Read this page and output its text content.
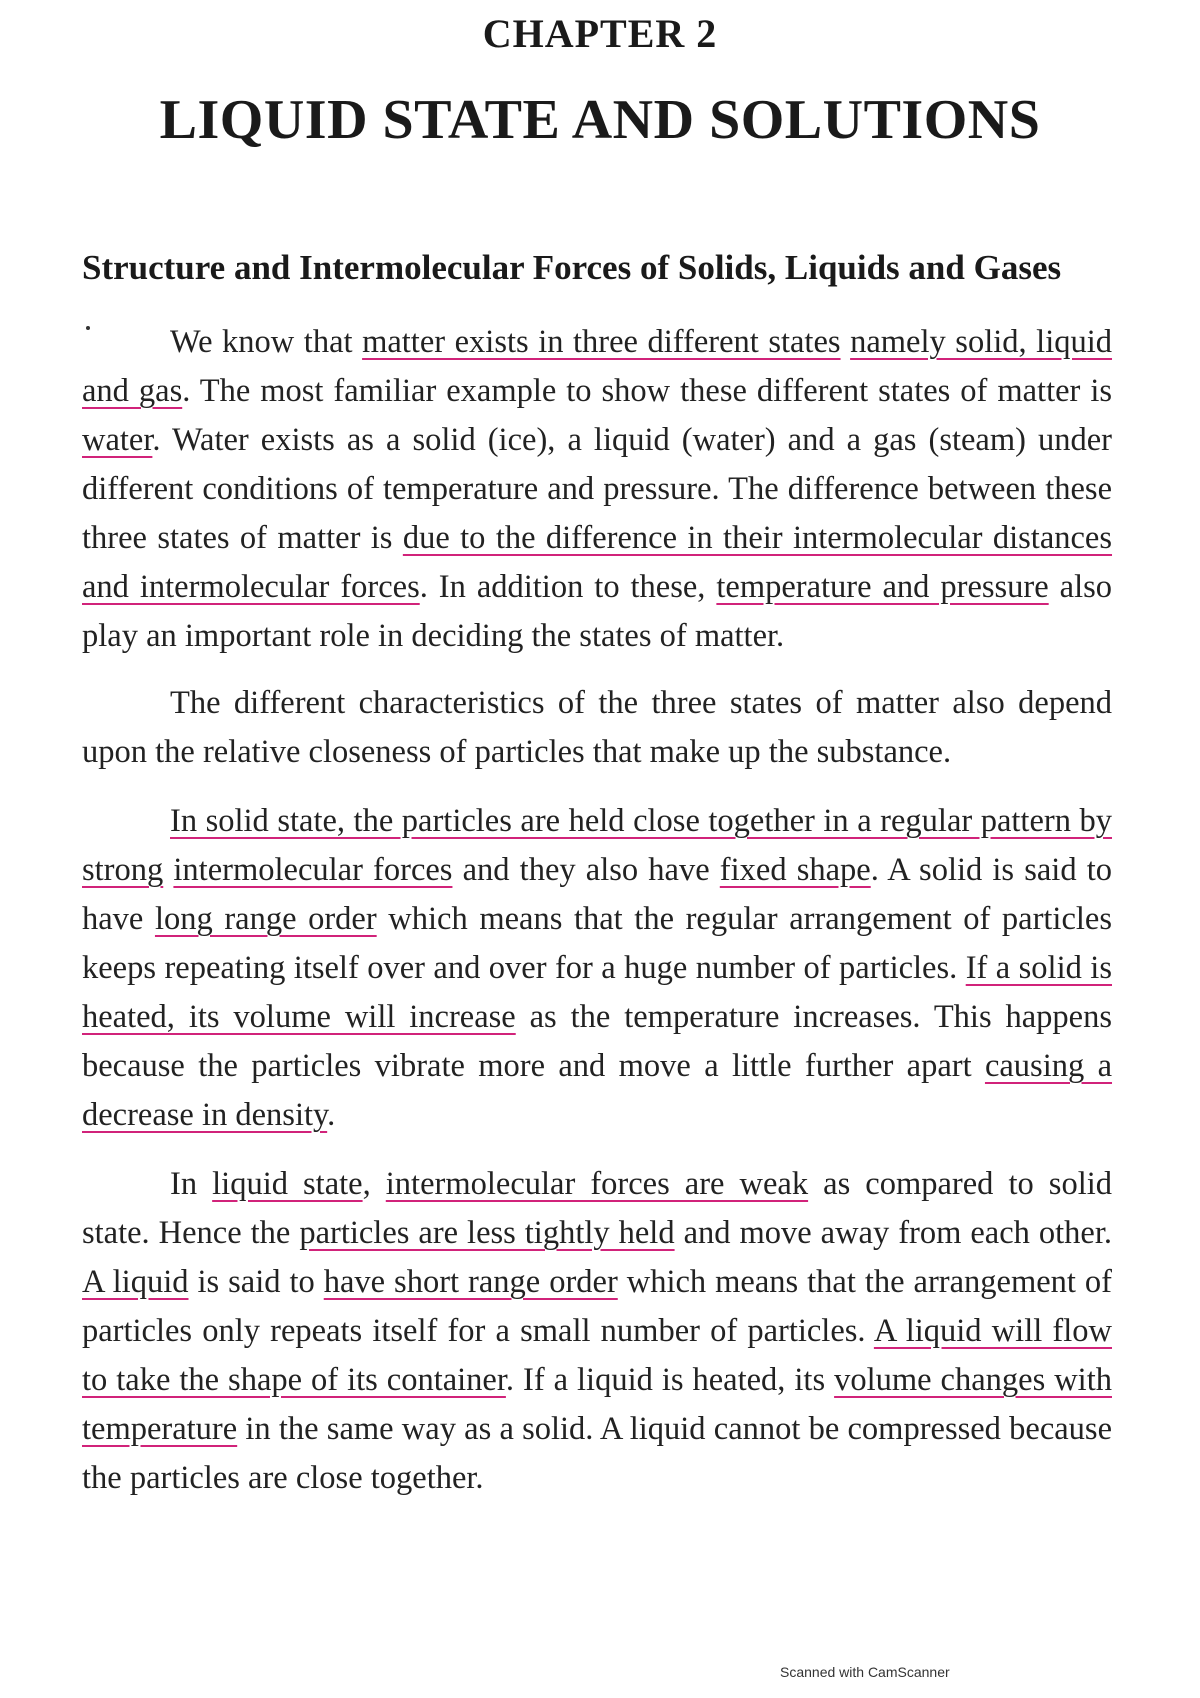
CHAPTER 2
LIQUID STATE AND SOLUTIONS
Structure and Intermolecular Forces of Solids, Liquids and Gases

We know that matter exists in three different states namely solid, liquid and gas. The most familiar example to show these different states of matter is water. Water exists as a solid (ice), a liquid (water) and a gas (steam) under different conditions of temperature and pressure. The difference between these three states of matter is due to the difference in their intermolecular distances and intermolecular forces. In addition to these, temperature and pressure also play an important role in deciding the states of matter.

The different characteristics of the three states of matter also depend upon the relative closeness of particles that make up the substance.

In solid state, the particles are held close together in a regular pattern by strong intermolecular forces and they also have fixed shape. A solid is said to have long range order which means that the regular arrangement of particles keeps repeating itself over and over for a huge number of particles. If a solid is heated, its volume will increase as the temperature increases. This happens because the particles vibrate more and move a little further apart causing a decrease in density.

In liquid state, intermolecular forces are weak as compared to solid state. Hence the particles are less tightly held and move away from each other. A liquid is said to have short range order which means that the arrangement of particles only repeats itself for a small number of particles. A liquid will flow to take the shape of its container. If a liquid is heated, its volume changes with temperature in the same way as a solid. A liquid cannot be compressed because the particles are close together.

Scanned with CamScanner
